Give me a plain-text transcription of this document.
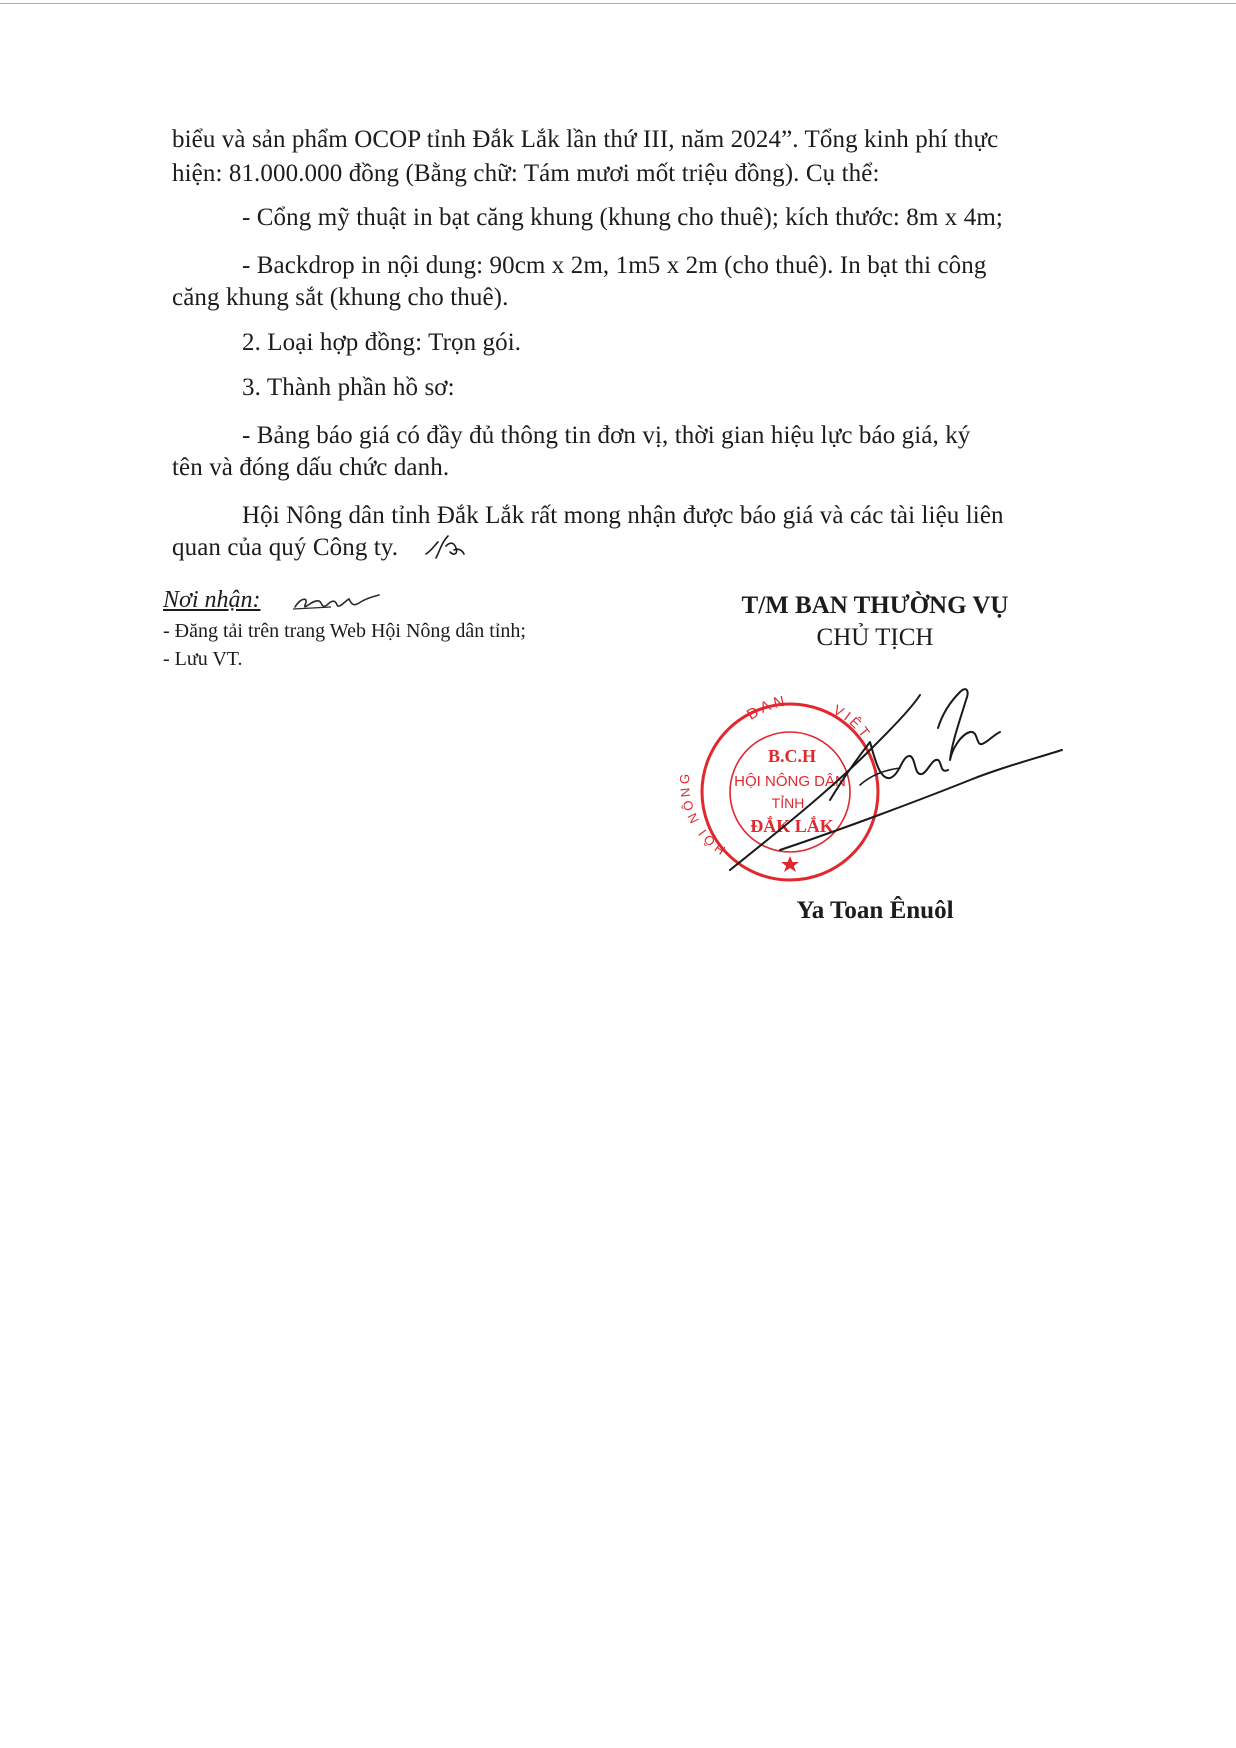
biểu và sản phẩm OCOP tỉnh Đắk Lắk lần thứ III, năm 2024”. Tổng kinh phí thực
hiện: 81.000.000 đồng (Bằng chữ: Tám mươi mốt triệu đồng). Cụ thể:
- Cổng mỹ thuật in bạt căng khung (khung cho thuê); kích thước: 8m x 4m;
- Backdrop in nội dung: 90cm x 2m, 1m5 x 2m (cho thuê). In bạt thi công
căng khung sắt (khung cho thuê).
2. Loại hợp đồng: Trọn gói.
3. Thành phần hồ sơ:
- Bảng báo giá có đầy đủ thông tin đơn vị, thời gian hiệu lực báo giá, ký
tên và đóng dấu chức danh.
Hội Nông dân tỉnh Đắk Lắk rất mong nhận được báo giá và các tài liệu liên
quan của quý Công ty.
Nơi nhận:
- Đăng tải trên trang Web Hội Nông dân tỉnh;
- Lưu VT.
T/M BAN THƯỜNG VỤ
CHỦ TỊCH
DAN	VIỆT
HỘI NÔNG
B.C.H
HỘI NÔNG DÂN
TỈNH
ĐẮK LẮK
Ya Toan Ênuôl
